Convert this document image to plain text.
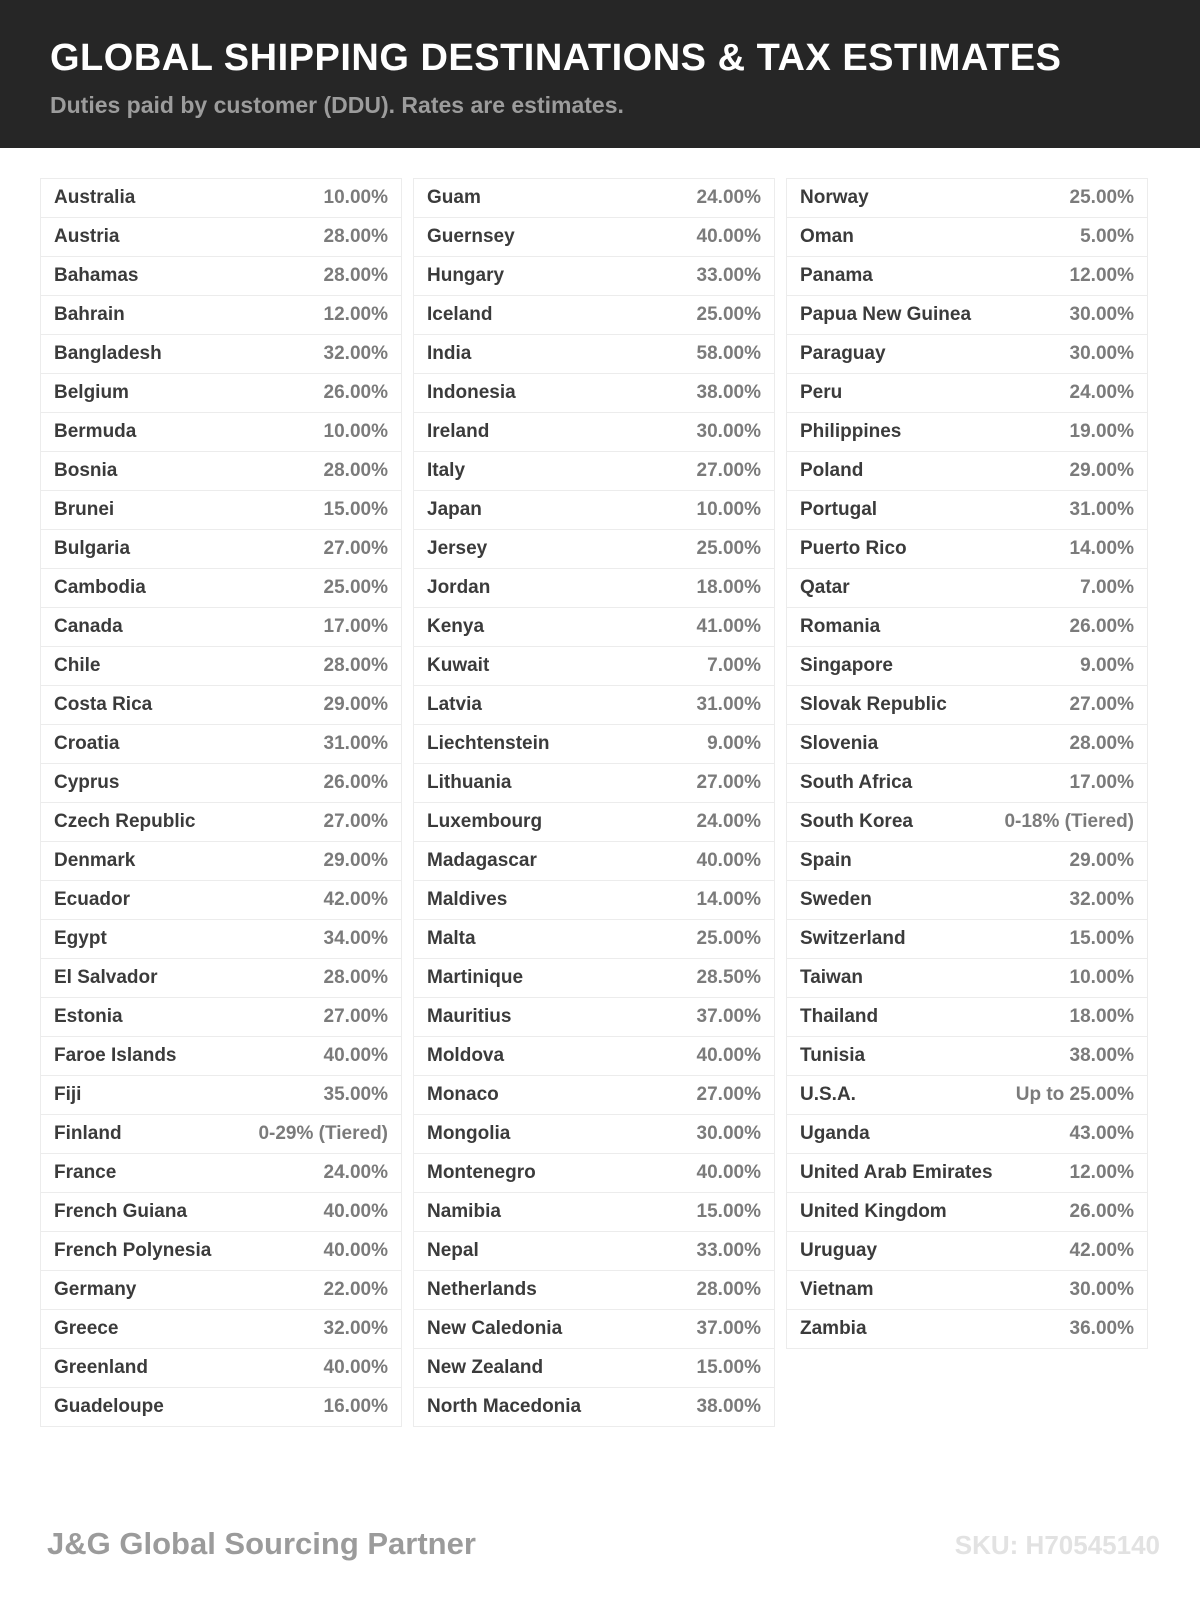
GLOBAL SHIPPING DESTINATIONS & TAX ESTIMATES
Duties paid by customer (DDU). Rates are estimates.
Australia	10.00%
Austria	28.00%
Bahamas	28.00%
Bahrain	12.00%
Bangladesh	32.00%
Belgium	26.00%
Bermuda	10.00%
Bosnia	28.00%
Brunei	15.00%
Bulgaria	27.00%
Cambodia	25.00%
Canada	17.00%
Chile	28.00%
Costa Rica	29.00%
Croatia	31.00%
Cyprus	26.00%
Czech Republic	27.00%
Denmark	29.00%
Ecuador	42.00%
Egypt	34.00%
El Salvador	28.00%
Estonia	27.00%
Faroe Islands	40.00%
Fiji	35.00%
Finland	0-29% (Tiered)
France	24.00%
French Guiana	40.00%
French Polynesia	40.00%
Germany	22.00%
Greece	32.00%
Greenland	40.00%
Guadeloupe	16.00%
Guam	24.00%
Guernsey	40.00%
Hungary	33.00%
Iceland	25.00%
India	58.00%
Indonesia	38.00%
Ireland	30.00%
Italy	27.00%
Japan	10.00%
Jersey	25.00%
Jordan	18.00%
Kenya	41.00%
Kuwait	7.00%
Latvia	31.00%
Liechtenstein	9.00%
Lithuania	27.00%
Luxembourg	24.00%
Madagascar	40.00%
Maldives	14.00%
Malta	25.00%
Martinique	28.50%
Mauritius	37.00%
Moldova	40.00%
Monaco	27.00%
Mongolia	30.00%
Montenegro	40.00%
Namibia	15.00%
Nepal	33.00%
Netherlands	28.00%
New Caledonia	37.00%
New Zealand	15.00%
North Macedonia	38.00%
Norway	25.00%
Oman	5.00%
Panama	12.00%
Papua New Guinea	30.00%
Paraguay	30.00%
Peru	24.00%
Philippines	19.00%
Poland	29.00%
Portugal	31.00%
Puerto Rico	14.00%
Qatar	7.00%
Romania	26.00%
Singapore	9.00%
Slovak Republic	27.00%
Slovenia	28.00%
South Africa	17.00%
South Korea	0-18% (Tiered)
Spain	29.00%
Sweden	32.00%
Switzerland	15.00%
Taiwan	10.00%
Thailand	18.00%
Tunisia	38.00%
U.S.A.	Up to 25.00%
Uganda	43.00%
United Arab Emirates	12.00%
United Kingdom	26.00%
Uruguay	42.00%
Vietnam	30.00%
Zambia	36.00%
J&G Global Sourcing Partner	SKU: H70545140
